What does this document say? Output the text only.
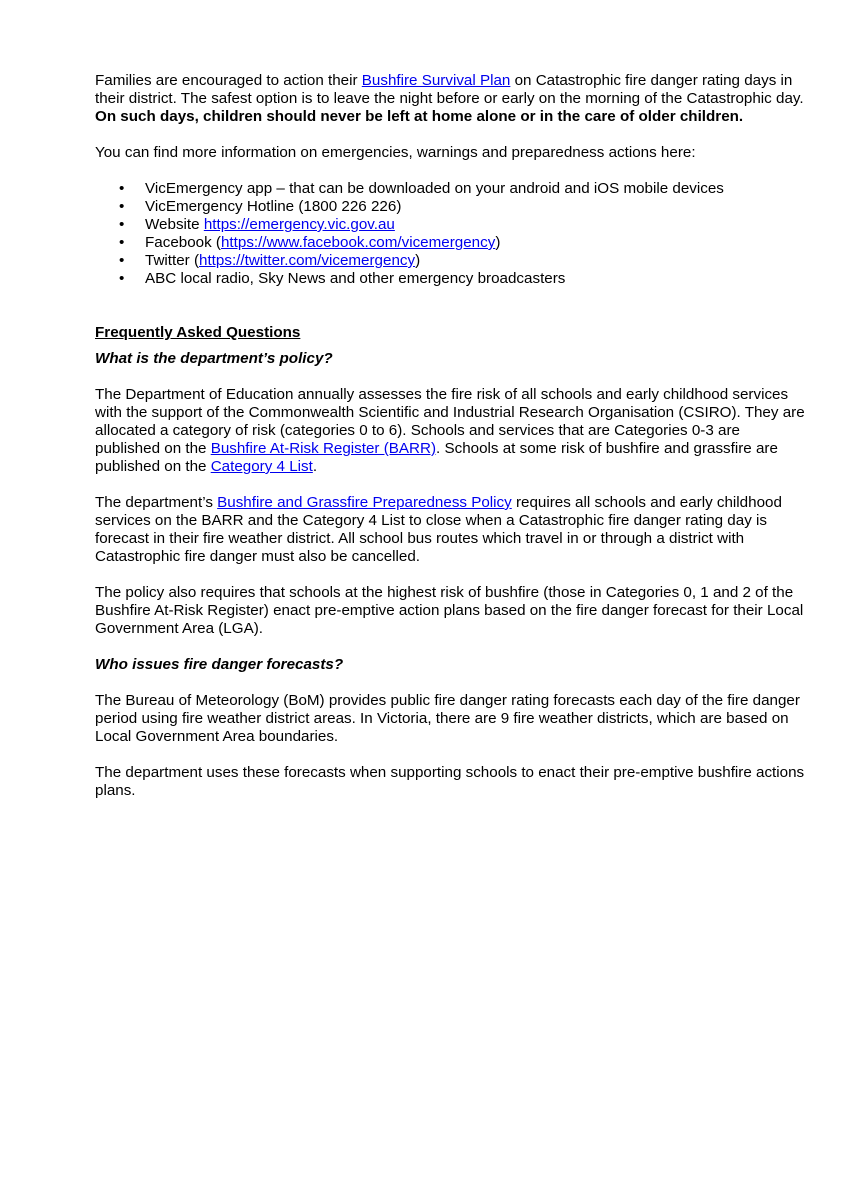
Families are encouraged to action their Bushfire Survival Plan on Catastrophic fire danger rating days in their district. The safest option is to leave the night before or early on the morning of the Catastrophic day. On such days, children should never be left at home alone or in the care of older children.

You can find more information on emergencies, warnings and preparedness actions here:

• VicEmergency app – that can be downloaded on your android and iOS mobile devices
• VicEmergency Hotline (1800 226 226)
• Website https://emergency.vic.gov.au
• Facebook (https://www.facebook.com/vicemergency)
• Twitter (https://twitter.com/vicemergency)
• ABC local radio, Sky News and other emergency broadcasters

Frequently Asked Questions

What is the department’s policy?

The Department of Education annually assesses the fire risk of all schools and early childhood services with the support of the Commonwealth Scientific and Industrial Research Organisation (CSIRO). They are allocated a category of risk (categories 0 to 6). Schools and services that are Categories 0-3 are published on the Bushfire At-Risk Register (BARR). Schools at some risk of bushfire and grassfire are published on the Category 4 List.

The department’s Bushfire and Grassfire Preparedness Policy requires all schools and early childhood services on the BARR and the Category 4 List to close when a Catastrophic fire danger rating day is forecast in their fire weather district. All school bus routes which travel in or through a district with Catastrophic fire danger must also be cancelled.

The policy also requires that schools at the highest risk of bushfire (those in Categories 0, 1 and 2 of the Bushfire At-Risk Register) enact pre-emptive action plans based on the fire danger forecast for their Local Government Area (LGA).

Who issues fire danger forecasts?

The Bureau of Meteorology (BoM) provides public fire danger rating forecasts each day of the fire danger period using fire weather district areas. In Victoria, there are 9 fire weather districts, which are based on Local Government Area boundaries.

The department uses these forecasts when supporting schools to enact their pre-emptive bushfire actions plans.
